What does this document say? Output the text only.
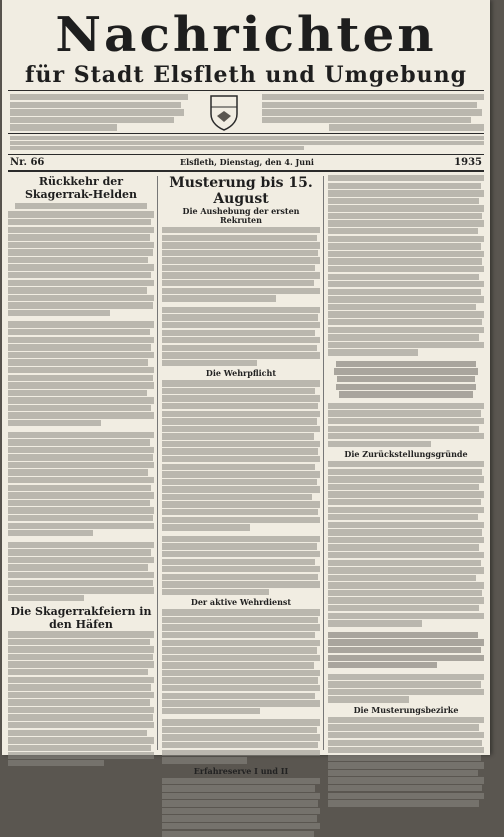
Nachrichten
für Stadt Elsfleth und Umgebung
Nr. 66	Elsfleth, Dienstag, den 4. Juni	1935
Rückkehr der Skagerrak-Helden
Die Skagerrakfeiern in den Häfen
Musterung bis 15. August
Die Aushebung der ersten Rekruten
Die Wehrpflicht
Der aktive Wehrdienst
Erfahreserve I und II
Die Zurückstellungsgründe
Die Musterungsbezirke
